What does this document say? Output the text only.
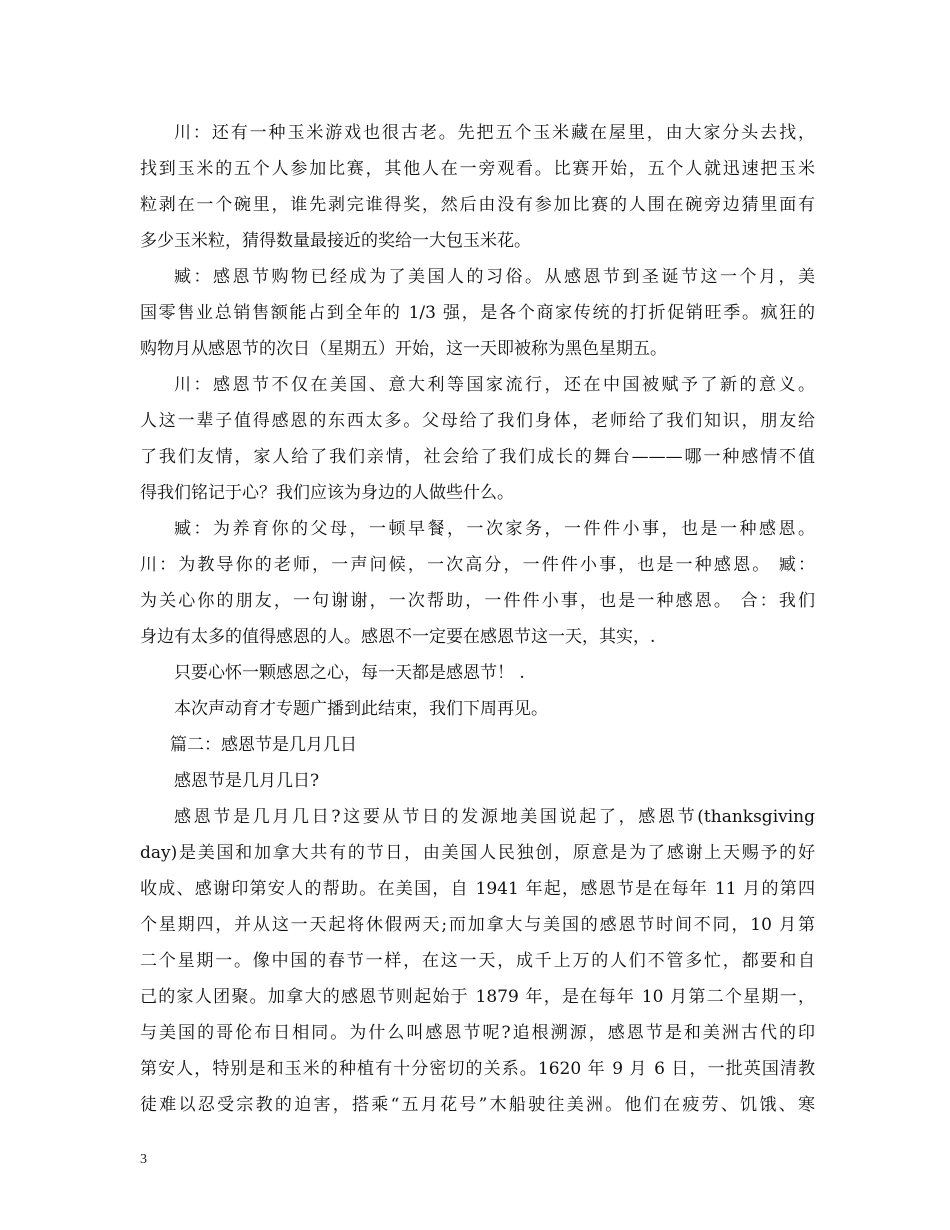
川：还有一种玉米游戏也很古老。先把五个玉米藏在屋里，由大家分头去找，
找到玉米的五个人参加比赛，其他人在一旁观看。比赛开始，五个人就迅速把玉米
粒剥在一个碗里，谁先剥完谁得奖，然后由没有参加比赛的人围在碗旁边猜里面有
多少玉米粒，猜得数量最接近的奖给一大包玉米花。
臧：感恩节购物已经成为了美国人的习俗。从感恩节到圣诞节这一个月，美
国零售业总销售额能占到全年的 1/3 强，是各个商家传统的打折促销旺季。疯狂的
购物月从感恩节的次日（星期五）开始，这一天即被称为黑色星期五。
川：感恩节不仅在美国、意大利等国家流行，还在中国被赋予了新的意义。
人这一辈子值得感恩的东西太多。父母给了我们身体，老师给了我们知识，朋友给
了我们友情，家人给了我们亲情，社会给了我们成长的舞台———哪一种感情不值
得我们铭记于心？我们应该为身边的人做些什么。
臧：为养育你的父母，一顿早餐，一次家务，一件件小事，也是一种感恩。
川：为教导你的老师，一声问候，一次高分，一件件小事，也是一种感恩。 臧：
为关心你的朋友，一句谢谢，一次帮助，一件件小事，也是一种感恩。 合：我们
身边有太多的值得感恩的人。感恩不一定要在感恩节这一天，其实，.
只要心怀一颗感恩之心，每一天都是感恩节！ .
本次声动育才专题广播到此结束，我们下周再见。
篇二：感恩节是几月几日
感恩节是几月几日?
感恩节是几月几日?这要从节日的发源地美国说起了，感恩节(thanksgiving
day)是美国和加拿大共有的节日，由美国人民独创，原意是为了感谢上天赐予的好
收成、感谢印第安人的帮助。在美国，自 1941 年起，感恩节是在每年 11 月的第四
个星期四，并从这一天起将休假两天;而加拿大与美国的感恩节时间不同，10 月第
二个星期一。像中国的春节一样，在这一天，成千上万的人们不管多忙，都要和自
己的家人团聚。加拿大的感恩节则起始于 1879 年，是在每年 10 月第二个星期一，
与美国的哥伦布日相同。为什么叫感恩节呢?追根溯源，感恩节是和美洲古代的印
第安人，特别是和玉米的种植有十分密切的关系。1620 年 9 月 6 日，一批英国清教
徒难以忍受宗教的迫害，搭乘“五月花号”木船驶往美洲。他们在疲劳、饥饿、寒
3
